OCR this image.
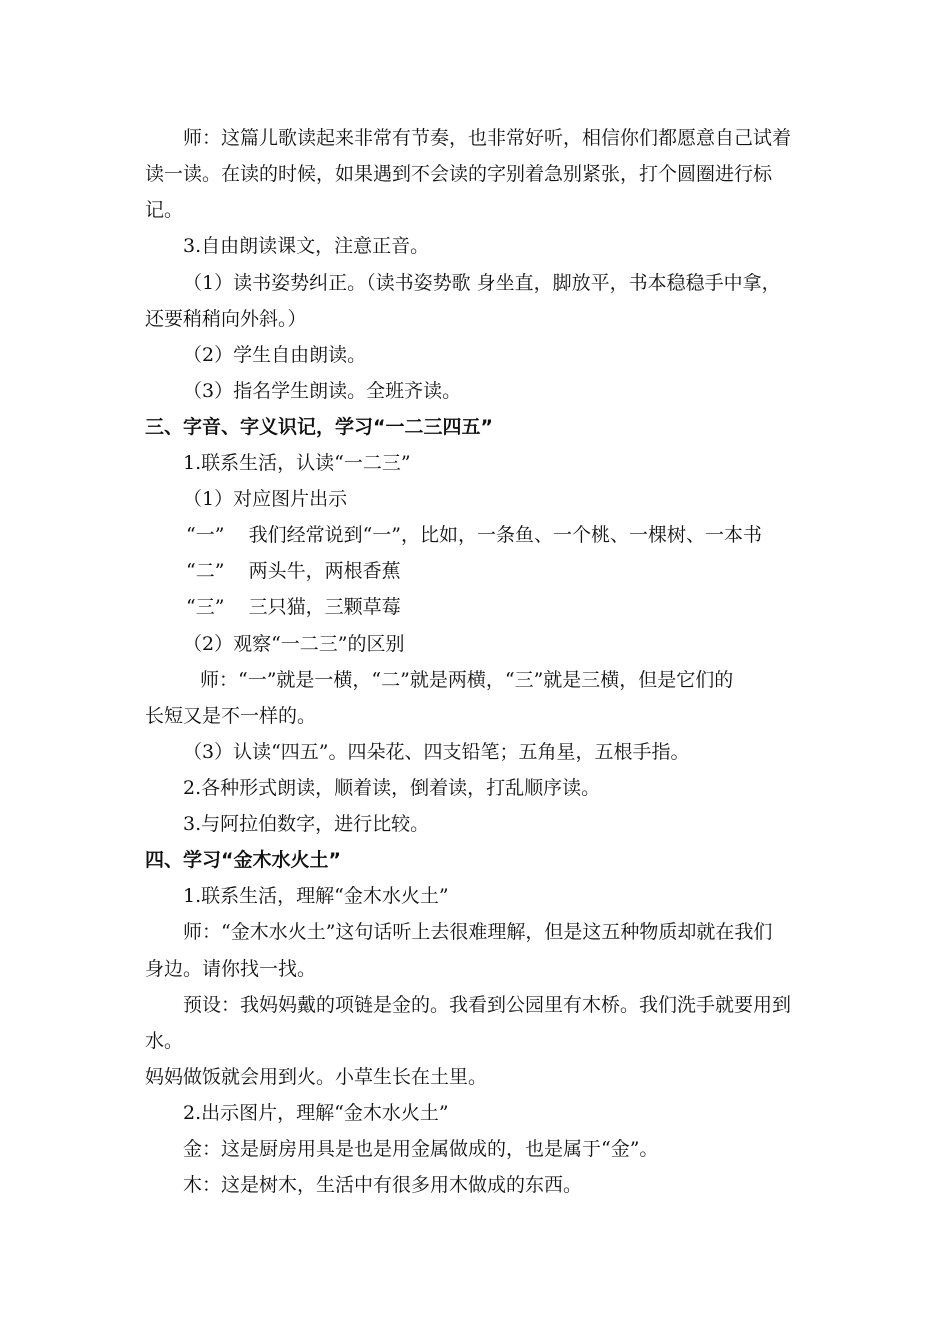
师：这篇儿歌读起来非常有节奏，也非常好听，相信你们都愿意自己试着
读一读。在读的时候，如果遇到不会读的字别着急别紧张，打个圆圈进行标
记。
3.自由朗读课文，注意正音。
（1）读书姿势纠正。（读书姿势歌 身坐直，脚放平，书本稳稳手中拿，
还要稍稍向外斜。）
（2）学生自由朗读。
（3）指名学生朗读。全班齐读。
三、字音、字义识记，学习“一二三四五”
1.联系生活，认读“一二三”
（1）对应图片出示
“一”    我们经常说到“一”，比如，一条鱼、一个桃、一棵树、一本书
“二”    两头牛，两根香蕉
“三”    三只猫，三颗草莓
（2）观察“一二三”的区别
师：“一”就是一横，“二”就是两横，“三”就是三横，但是它们的
长短又是不一样的。
（3）认读“四五”。四朵花、四支铅笔；五角星，五根手指。
2.各种形式朗读，顺着读，倒着读，打乱顺序读。
3.与阿拉伯数字，进行比较。
四、学习“金木水火土”
1.联系生活，理解“金木水火土”
师：“金木水火土”这句话听上去很难理解，但是这五种物质却就在我们
身边。请你找一找。
预设：我妈妈戴的项链是金的。我看到公园里有木桥。我们洗手就要用到
水。
妈妈做饭就会用到火。小草生长在土里。
2.出示图片，理解“金木水火土”
金：这是厨房用具是也是用金属做成的，也是属于“金”。
木：这是树木，生活中有很多用木做成的东西。
